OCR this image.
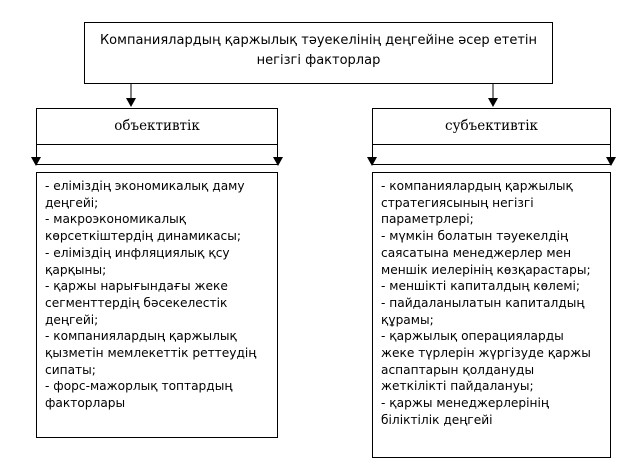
Компаниялардың қаржылық тәуекелінің деңгейіне әсер ететін
негізгі факторлар
объективтік	субъективтік
- еліміздің экономикалық даму
деңгейі;
- макроэкономикалық
көрсеткіштердің динамикасы;
- еліміздің инфляциялық қсу
қарқыны;
- қаржы нарығындағы жеке
сегменттердің бәсекелестік
деңгейі;
- компаниялардың қаржылық
қызметін мемлекеттік реттеудің
сипаты;
- форс-мажорлық топтардың
факторлары
- компаниялардың қаржылық
стратегиясының негізгі
параметрлері;
- мүмкін болатын тәуекелдің
саясатына менеджерлер мен
меншік иелерінің көзқарастары;
- меншікті капиталдың көлемі;
- пайдаланылатын капиталдың
құрамы;
- қаржылық операцияларды
жеке түрлерін жүргізуде қаржы
аспаптарын қолдануды
жеткілікті пайдалануы;
- қаржы менеджерлерінің
біліктілік деңгейі
